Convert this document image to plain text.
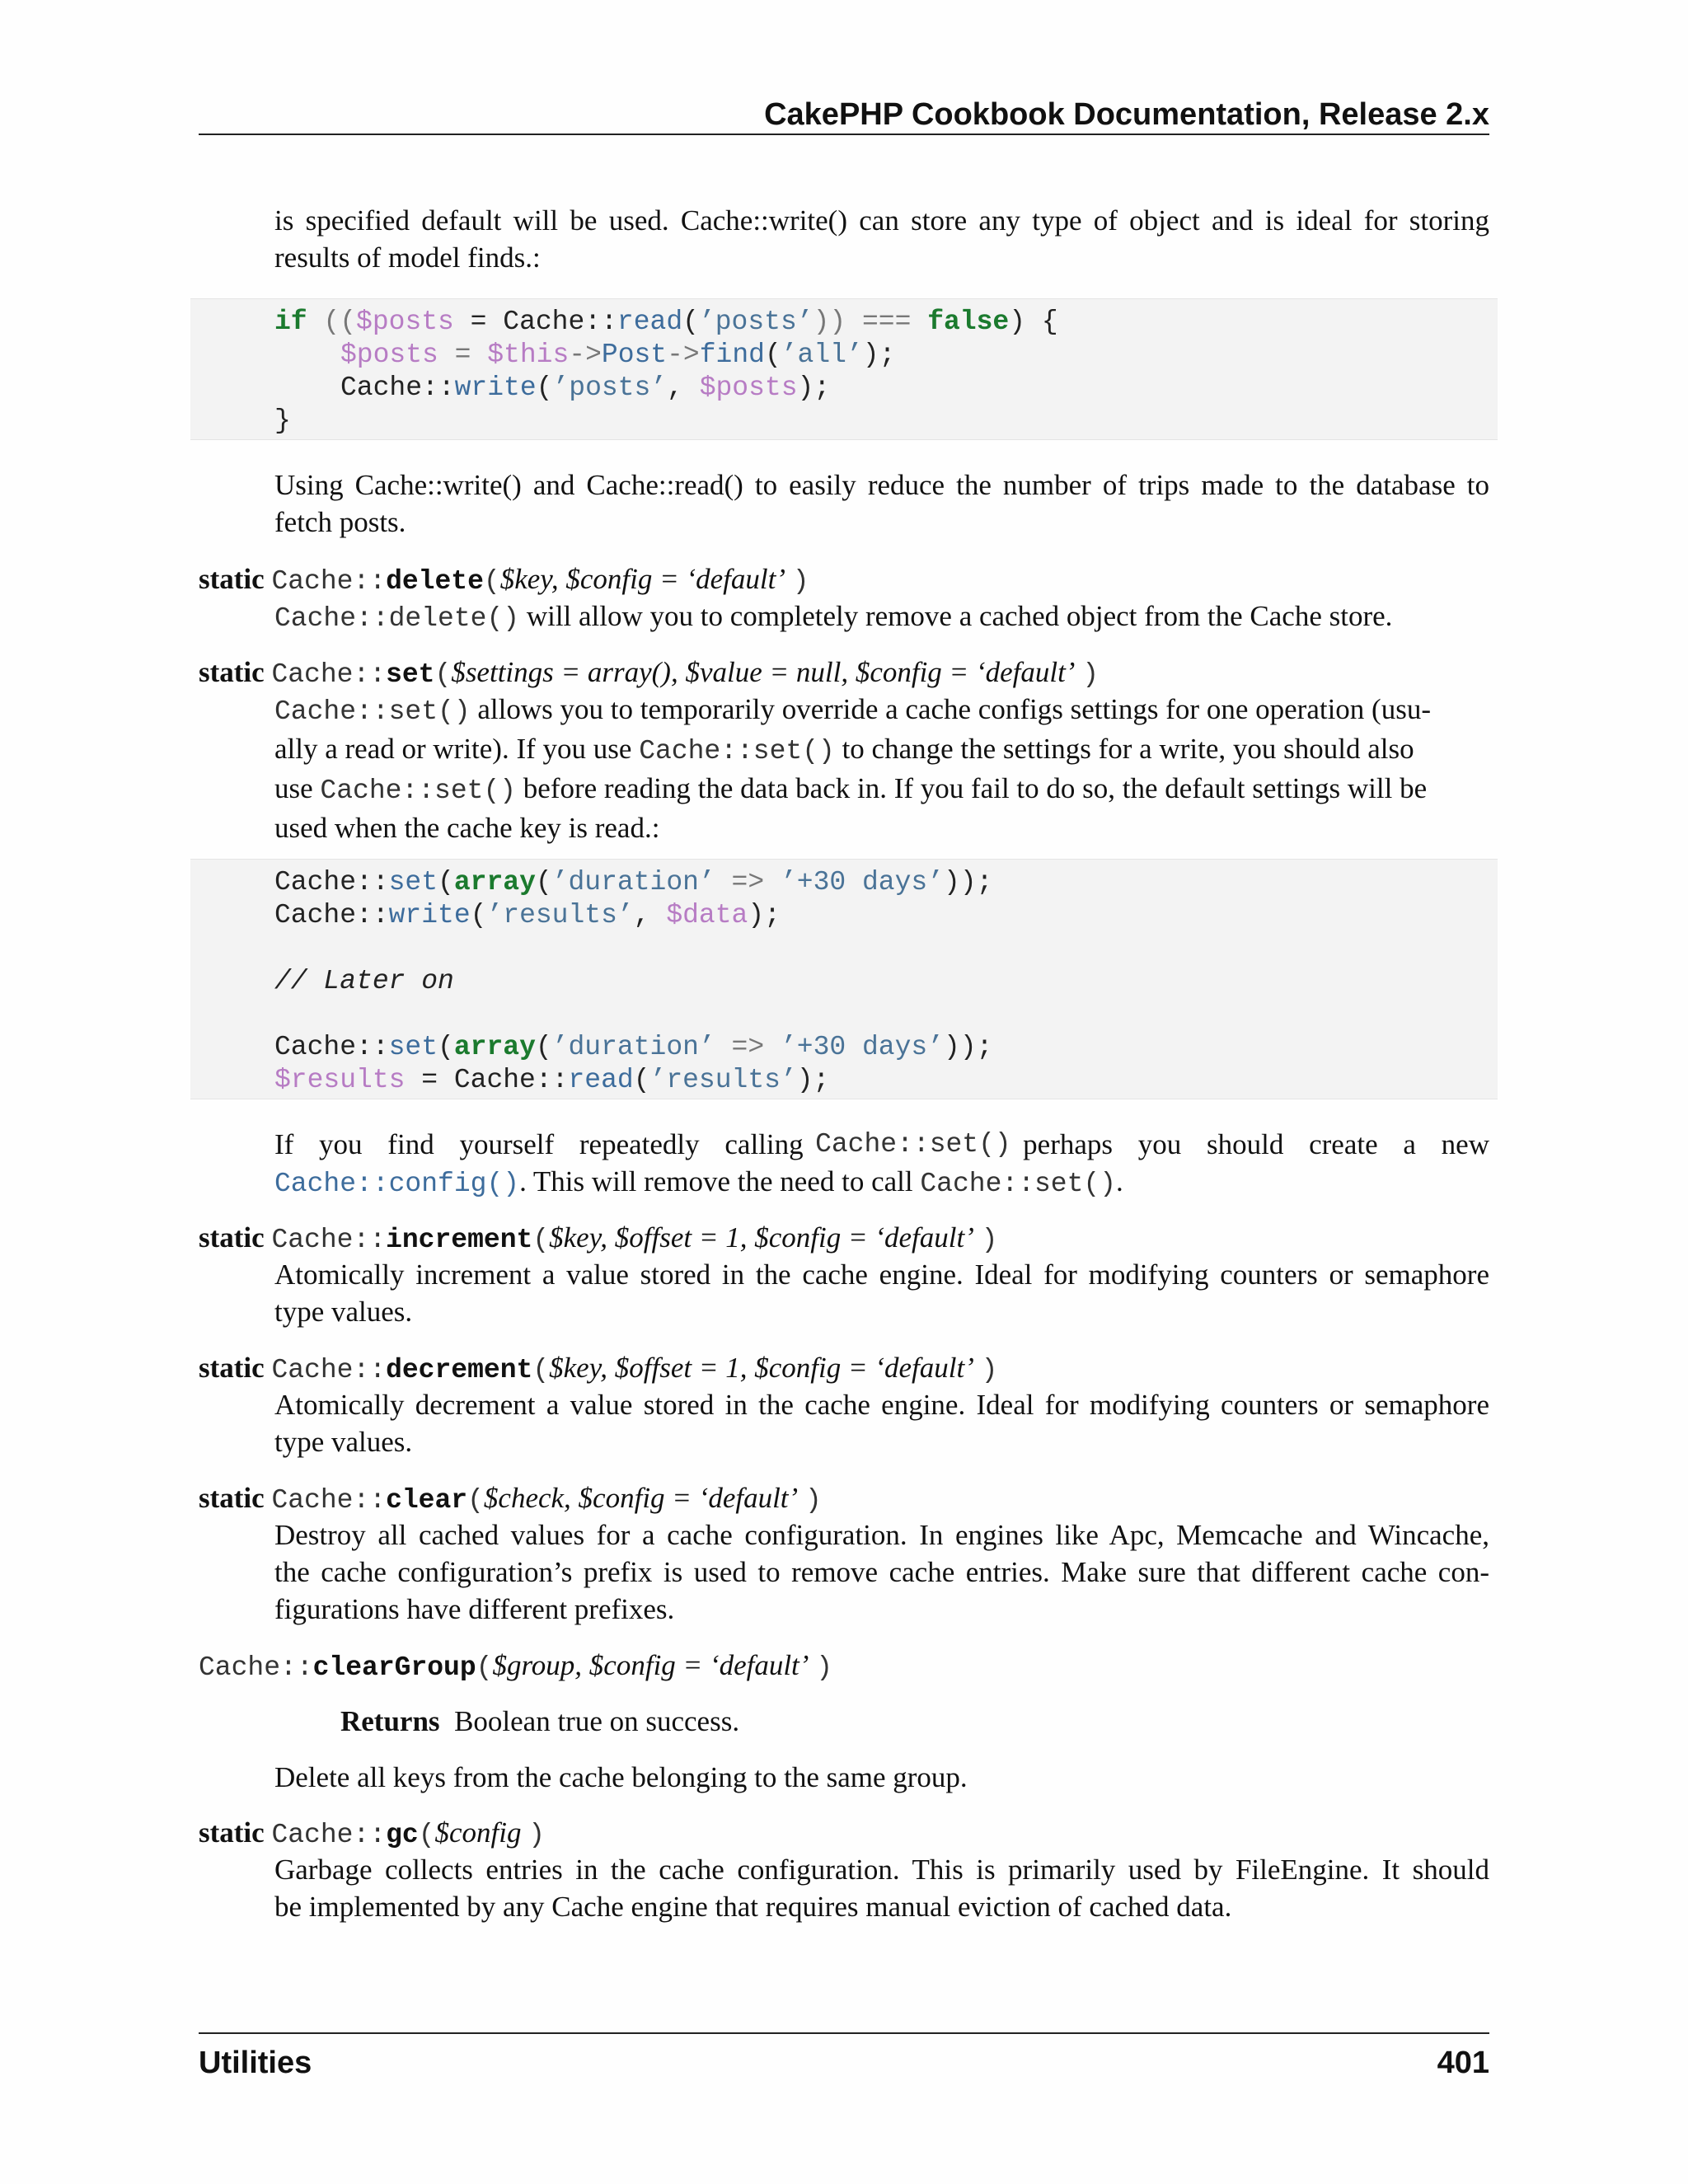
CakePHP Cookbook Documentation, Release 2.x
is specified default will be used. Cache::write() can store any type of object and is ideal for storing
results of model finds.:
if (($posts = Cache::read(’posts’)) === false) {
$posts = $this->Post->find(’all’);
Cache::write(’posts’, $posts);
}
Using Cache::write() and Cache::read() to easily reduce the number of trips made to the database to
fetch posts.
static Cache::delete($key, $config = ‘default’ )
Cache::delete() will allow you to completely remove a cached object from the Cache store.
static Cache::set($settings = array(), $value = null, $config = ‘default’ )
Cache::set() allows you to temporarily override a cache configs settings for one operation (usu-
ally a read or write). If you use Cache::set() to change the settings for a write, you should also
use Cache::set() before reading the data back in. If you fail to do so, the default settings will be
used when the cache key is read.:
Cache::set(array(’duration’ => ’+30 days’));
Cache::write(’results’, $data);
// Later on
Cache::set(array(’duration’ => ’+30 days’));
$results = Cache::read(’results’);
If you find yourself repeatedly calling Cache::set() perhaps you should create a new
Cache::config(). This will remove the need to call Cache::set().
static Cache::increment($key, $offset = 1, $config = ‘default’ )
Atomically increment a value stored in the cache engine. Ideal for modifying counters or semaphore
type values.
static Cache::decrement($key, $offset = 1, $config = ‘default’ )
Atomically decrement a value stored in the cache engine. Ideal for modifying counters or semaphore
type values.
static Cache::clear($check, $config = ‘default’ )
Destroy all cached values for a cache configuration. In engines like Apc, Memcache and Wincache,
the cache configuration’s prefix is used to remove cache entries. Make sure that different cache con-
figurations have different prefixes.
Cache::clearGroup($group, $config = ‘default’ )
Returns Boolean true on success.
Delete all keys from the cache belonging to the same group.
static Cache::gc($config )
Garbage collects entries in the cache configuration. This is primarily used by FileEngine. It should
be implemented by any Cache engine that requires manual eviction of cached data.
Utilities	401
